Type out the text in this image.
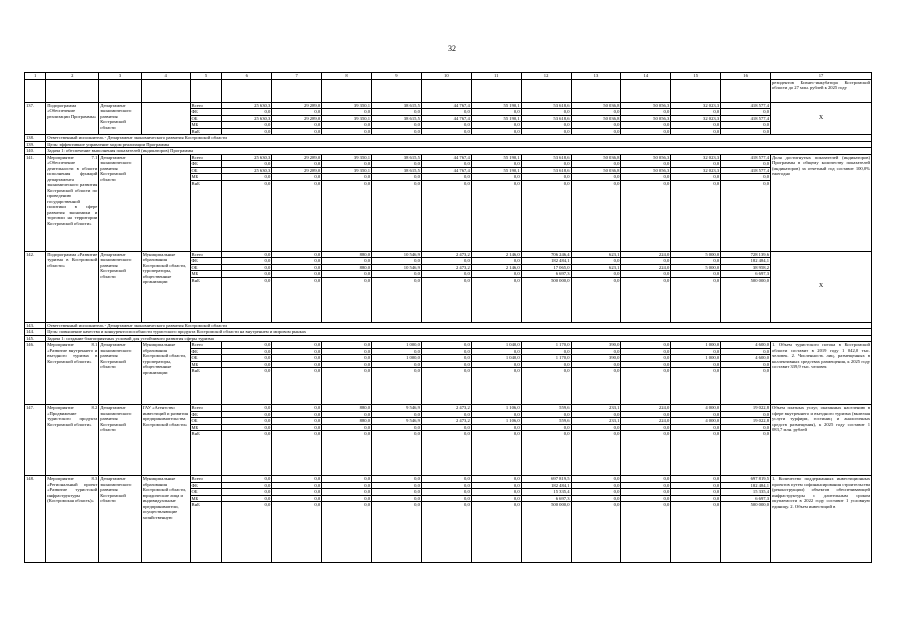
32
1	2	3	4	5	6	7	8	9	10	11	12	13	14	15	16	17
																резидентов Бизнес-инкубатора Костромской области до 27 млн. рублей к 2025 году
137.	Подпрограмма «Обеспечение реализации Программы»	Департамент экономического развития Костромской области		Всего	25 630,3	29 289,0	39 350,1	38 615,5	44 767,4	55 190,1	53 618,6	50 036,8	50 056,3	32 023,3	418 577,4	X
				ФБ	0,0	0,0	0,0	0,0	0,0	0,0	0,0	0,0	0,0	0,0	0,0	
				ОБ	25 630,3	29 289,0	39 350,1	38 615,5	44 767,4	55 190,1	53 618,6	50 036,8	50 056,3	32 023,3	418 577,4	
				МБ	0,0	0,0	0,0	0,0	0,0	0,0	0,0	0,0	0,0	0,0	0,0	
				ВнБ	0,0	0,0	0,0	0,0	0,0	0,0	0,0	0,0	0,0	0,0	0,0	
138.	Ответственный исполнитель - Департамент экономического развития Костромской области															
139.	Цель: эффективное управление ходом реализации Программы															
140.	Задача 1: обеспечение выполнения показателей (индикаторов) Программы															
141.	Мероприятие 7.1 «Обеспечение деятельности в области исполнения функций департамента экономического развития Костромской области по проведению государственной политики в сфере развития экономики и торговли на территории Костромской области»	Департамент экономического развития Костромской области		Всего	25 630,3	29 289,0	39 350,1	38 615,5	44 767,4	55 190,1	53 618,6	50 036,8	50 056,3	32 023,3	418 577,4	Доля достигнутых показателей (индикаторов) Программы в общему количеству показателей (индикаторов) за отчетный год составит 100,0% ежегодно
				ФБ	0,0	0,0	0,0	0,0	0,0	0,0	0,0	0,0	0,0	0,0	0,0	
				ОБ	25 630,3	29 289,0	39 350,1	38 615,5	44 767,4	55 190,1	53 618,6	50 036,8	50 056,3	32 023,3	418 577,4	
				МБ	0,0	0,0	0,0	0,0	0,0	0,0	0,0	0,0	0,0	0,0	0,0	
				ВнБ	0,0	0,0	0,0	0,0	0,0	0,0	0,0	0,0	0,0	0,0	0,0	
142.	Подпрограмма «Развитие туризма в Костромской области»	Департамент экономического развития Костромской области	Муниципальные образования Костромской области, туроператоры, общественные организации	Всего	0,0	0,0	880,0	10 546,9	2 473,2	2 146,0	706 246,4	623,1	224,0	5 000,0	728 139,6	X
				ФБ	0,0	0,0	0,0	0,0	0,0	0,0	182 484,1	0,0	0,0	0,0	182 484,1	
				ОБ	0,0	0,0	880,0	10 546,9	2 473,2	2 146,0	17 065,0	623,1	224,0	5 000,0	38 958,2	
				МБ	0,0	0,0	0,0	0,0	0,0	0,0	6 697,3	0,0	0,0	0,0	6 697,3	
				ВнБ	0,0	0,0	0,0	0,0	0,0	0,0	500 000,0	0,0	0,0	0,0	500 000,0	
143.	Ответственный исполнитель - Департамент экономического развития Костромской области															
144.	Цель: повышение качества и конкурентоспособности туристского продукта Костромской области на внутреннем и мировом рынках															
145.	Задача 1: создание благоприятных условий для устойчивого развития сферы туризма															
146.	Мероприятие 8.1 «Развитие внутреннего и въездного туризма в Костромской области»	Департамент экономического развития Костромской области	Муниципальные образования Костромской области, туроператоры, общественные организации	Всего	0,0	0,0	0,0	1 000,0	0,0	1 040,0	1 170,0	390,0	0,0	1 000,0	4 600,0	1. Объем туристского потока в Костромской области составит в 2019 году 1 042,0 тыс. человек. 2. Численность лиц, размещенных в коллективных средствах размещения, к 2025 году составит 339,9 тыс. человек
				ФБ	0,0	0,0	0,0	0,0	0,0	0,0	0,0	0,0	0,0	0,0	0,0	
				ОБ	0,0	0,0	0,0	1 000,0	0,0	1 040,0	1 170,0	390,0	0,0	1 000,0	4 600,0	
				МБ	0,0	0,0	0,0	0,0	0,0	0,0	0,0	0,0	0,0	0,0	0,0	
				ВнБ	0,0	0,0	0,0	0,0	0,0	0,0	0,0	0,0	0,0	0,0	0,0	
147.	Мероприятие 8.2 «Продвижение туристского продукта Костромской области»	Департамент экономического развития Костромской области	ГАУ «Агентство инвестиций и развития предпринимательства Костромской области»	Всего	0,0	0,0	880,0	9 546,9	2 473,2	1 106,0	559,6	233,1	224,0	4 000,0	19 022,8	Объем платных услуг, оказанных населению в сфере внутреннего и въездного туризма (включая услуги турфирм, гостиниц и аналогичных средств размещения), к 2025 году составит 1 083,7 млн. рублей
				ФБ	0,0	0,0	0,0	0,0	0,0	0,0	0,0	0,0	0,0	0,0	0,0	
				ОБ	0,0	0,0	880,0	9 546,9	2 473,2	1 106,0	559,6	233,1	224,0	4 000,0	19 022,8	
				МБ	0,0	0,0	0,0	0,0	0,0	0,0	0,0	0,0	0,0	0,0	0,0	
				ВнБ	0,0	0,0	0,0	0,0	0,0	0,0	0,0	0,0	0,0	0,0	0,0	
148.	Мероприятие 8.3 «Региональный проект «Развитие туристской инфраструктуры (Костромская область)»	Департамент экономического развития Костромской области	Муниципальные образования Костромской области, юридические лица и индивидуальные предприниматели, осуществляющие хозяйственную	Всего	0,0	0,0	0,0	0,0	0,0	0,0	697 819,5	0,0	0,0	0,0	697 819,5	1. Количество поддержанных инвестиционных проектов путем софинансирования строительства (реконструкции) объектов обеспечивающей инфраструктуры с длительным сроком окупаемости в 2022 году составит 1 условную единицу. 2. Объем инвестиций в
				ФБ	0,0	0,0	0,0	0,0	0,0	0,0	182 484,1	0,0	0,0	0,0	182 484,1	
				ОБ	0,0	0,0	0,0	0,0	0,0	0,0	15 335,4	0,0	0,0	0,0	15 335,4	
				МБ	0,0	0,0	0,0	0,0	0,0	0,0	6 697,3	0,0	0,0	0,0	6 697,3	
				ВнБ	0,0	0,0	0,0	0,0	0,0	0,0	500 000,0	0,0	0,0	0,0	500 000,0	
